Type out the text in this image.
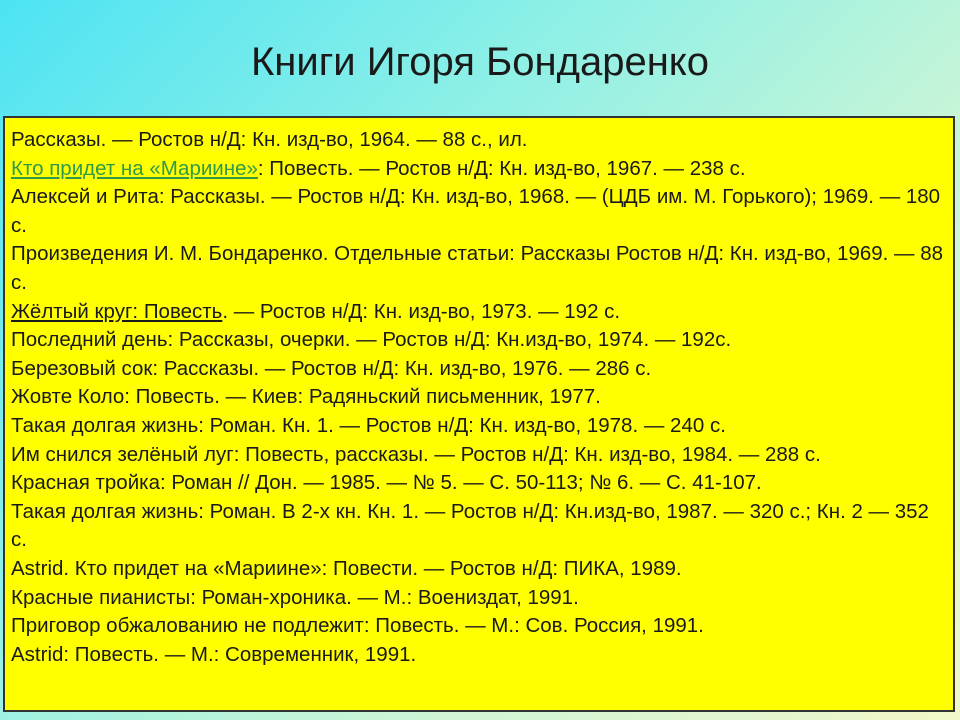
Книги Игоря Бондаренко

Рассказы. — Ростов н/Д: Кн. изд-во, 1964. — 88 с., ил.

Кто придет на «Мариине»: Повесть. — Ростов н/Д: Кн. изд-во, 1967. — 238 с.

Алексей и Рита: Рассказы. — Ростов н/Д: Кн. изд-во, 1968. — (ЦДБ им. М. Горького); 1969. — 180 с.

Произведения И. М. Бондаренко. Отдельные статьи: Рассказы Ростов н/Д: Кн. изд-во, 1969. — 88 с.

Жёлтый круг: Повесть. — Ростов н/Д: Кн. изд-во, 1973. — 192 с.

Последний день: Рассказы, очерки. — Ростов н/Д: Кн.изд-во, 1974. — 192с.

Березовый сок: Рассказы. — Ростов н/Д: Кн. изд-во, 1976. — 286 с.

Жовте Коло: Повесть. — Киев: Радяньский письменник, 1977.

Такая долгая жизнь: Роман. Кн. 1. — Ростов н/Д: Кн. изд-во, 1978. — 240 с.

Им снился зелёный луг: Повесть, рассказы. — Ростов н/Д: Кн. изд-во, 1984. — 288 с.

Красная тройка: Роман // Дон. — 1985. — № 5. — С. 50-113; № 6. — С. 41-107.

Такая долгая жизнь: Роман. В 2-х кн. Кн. 1. — Ростов н/Д: Кн.изд-во, 1987. — 320 с.; Кн. 2 — 352 с.

Astrid. Кто придет на «Мариине»: Повести. — Ростов н/Д: ПИКА, 1989.

Красные пианисты: Роман-хроника. — М.: Воениздат, 1991.

Приговор обжалованию не подлежит: Повесть. — М.: Сов. Россия, 1991.

Astrid: Повесть. — М.: Современник, 1991.
